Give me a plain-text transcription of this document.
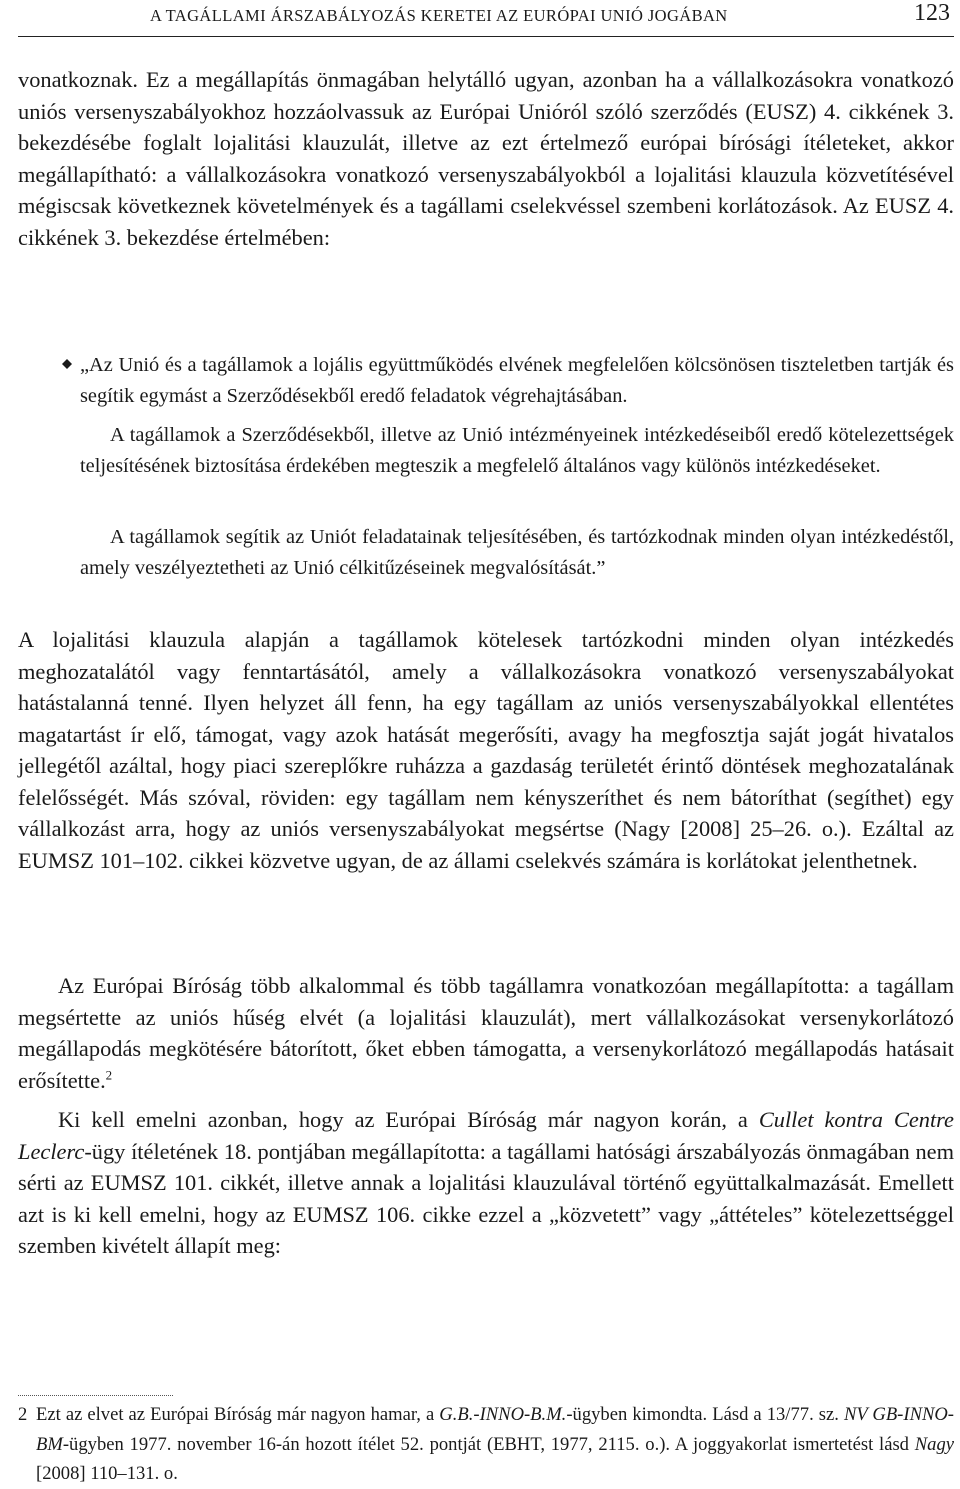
A TAGÁLLAMI ÁRSZABÁLYOZÁS KERETEI AZ EURÓPAI UNIÓ JOGÁBAN	123

vonatkoznak. Ez a megállapítás önmagában helytálló ugyan, azonban ha a vállalkozásokra vonatkozó uniós versenyszabályokhoz hozzáolvassuk az Európai Unióról szóló szerződés (EUSZ) 4. cikkének 3. bekezdésébe foglalt lojalitási klauzulát, illetve az ezt értelmező európai bírósági ítéleteket, akkor megállapítható: a vállalkozásokra vonatkozó versenyszabályokból a lojalitási klauzula közvetítésével mégiscsak következnek követelmények és a tagállami cselekvéssel szembeni korlátozások. Az EUSZ 4. cikkének 3. bekezdése értelmében:

„Az Unió és a tagállamok a lojális együttműködés elvének megfelelően kölcsönösen tiszteletben tartják és segítik egymást a Szerződésekből eredő feladatok végrehajtásában.

A tagállamok a Szerződésekből, illetve az Unió intézményeinek intézkedéseiből eredő kötelezettségek teljesítésének biztosítása érdekében megteszik a megfelelő általános vagy különös intézkedéseket.

A tagállamok segítik az Uniót feladatainak teljesítésében, és tartózkodnak minden olyan intézkedéstől, amely veszélyeztetheti az Unió célkitűzéseinek megvalósítását.”

A lojalitási klauzula alapján a tagállamok kötelesek tartózkodni minden olyan intézkedés meghozatalától vagy fenntartásától, amely a vállalkozásokra vonatkozó versenyszabályokat hatástalanná tenné. Ilyen helyzet áll fenn, ha egy tagállam az uniós versenyszabályokkal ellentétes magatartást ír elő, támogat, vagy azok hatását megerősíti, avagy ha megfosztja saját jogát hivatalos jellegétől azáltal, hogy piaci szereplőkre ruházza a gazdaság területét érintő döntések meghozatalának felelősségét. Más szóval, röviden: egy tagállam nem kényszeríthet és nem bátoríthat (segíthet) egy vállalkozást arra, hogy az uniós versenyszabályokat megsértse (Nagy [2008] 25–26. o.). Ezáltal az EUMSZ 101–102. cikkei közvetve ugyan, de az állami cselekvés számára is korlátokat jelenthetnek.

Az Európai Bíróság több alkalommal és több tagállamra vonatkozóan megállapította: a tagállam megsértette az uniós hűség elvét (a lojalitási klauzulát), mert vállalkozásokat versenykorlátozó megállapodás megkötésére bátorított, őket ebben támogatta, a versenykorlátozó megállapodás hatásait erősítette.$^2$

Ki kell emelni azonban, hogy az Európai Bíróság már nagyon korán, a Cullet kontra Centre Leclerc-ügy ítéletének 18. pontjában megállapította: a tagállami hatósági árszabályozás önmagában nem sérti az EUMSZ 101. cikkét, illetve annak a lojalitási klauzulával történő együttalkalmazását. Emellett azt is ki kell emelni, hogy az EUMSZ 106. cikke ezzel a „közvetett” vagy „áttételes” kötelezettséggel szemben kivételt állapít meg:

2 Ezt az elvet az Európai Bíróság már nagyon hamar, a G.B.-INNO-B.M.-ügyben kimondta. Lásd a 13/77. sz. NV GB-INNO-BM-ügyben 1977. november 16-án hozott ítélet 52. pontját (EBHT, 1977, 2115. o.). A joggyakorlat ismertetést lásd Nagy [2008] 110–131. o.
